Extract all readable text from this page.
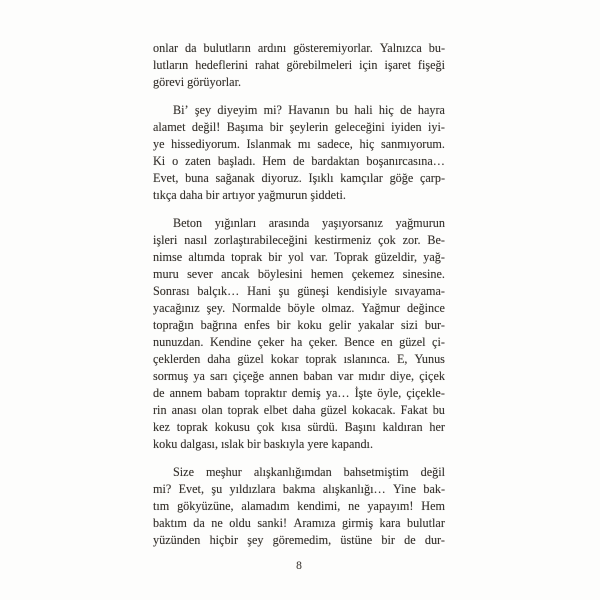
onlar da bulutların ardını gösteremiyorlar. Yalnızca bu-
lutların hedeflerini rahat görebilmeleri için işaret fişeği
görevi görüyorlar.
Bi’ şey diyeyim mi? Havanın bu hali hiç de hayra
alamet değil! Başıma bir şeylerin geleceğini iyiden iyi-
ye hissediyorum. Islanmak mı sadece, hiç sanmıyorum.
Ki o zaten başladı. Hem de bardaktan boşanırcasına…
Evet, buna sağanak diyoruz. Işıklı kamçılar göğe çarp-
tıkça daha bir artıyor yağmurun şiddeti.
Beton yığınları arasında yaşıyorsanız yağmurun
işleri nasıl zorlaştırabileceğini kestirmeniz çok zor. Be-
nimse altımda toprak bir yol var. Toprak güzeldir, yağ-
muru sever ancak böylesini hemen çekemez sinesine.
Sonrası balçık… Hani şu güneşi kendisiyle sıvayama-
yacağınız şey. Normalde böyle olmaz. Yağmur değince
toprağın bağrına enfes bir koku gelir yakalar sizi bur-
nunuzdan. Kendine çeker ha çeker. Bence en güzel çi-
çeklerden daha güzel kokar toprak ıslanınca. E, Yunus
sormuş ya sarı çiçeğe annen baban var mıdır diye, çiçek
de annem babam topraktır demiş ya… İşte öyle, çiçekle-
rin anası olan toprak elbet daha güzel kokacak. Fakat bu
kez toprak kokusu çok kısa sürdü. Başını kaldıran her
koku dalgası, ıslak bir baskıyla yere kapandı.
Size meşhur alışkanlığımdan bahsetmiştim değil
mi? Evet, şu yıldızlara bakma alışkanlığı… Yine bak-
tım gökyüzüne, alamadım kendimi, ne yapayım! Hem
baktım da ne oldu sanki! Aramıza girmiş kara bulutlar
yüzünden hiçbir şey göremedim, üstüne bir de dur-
8
